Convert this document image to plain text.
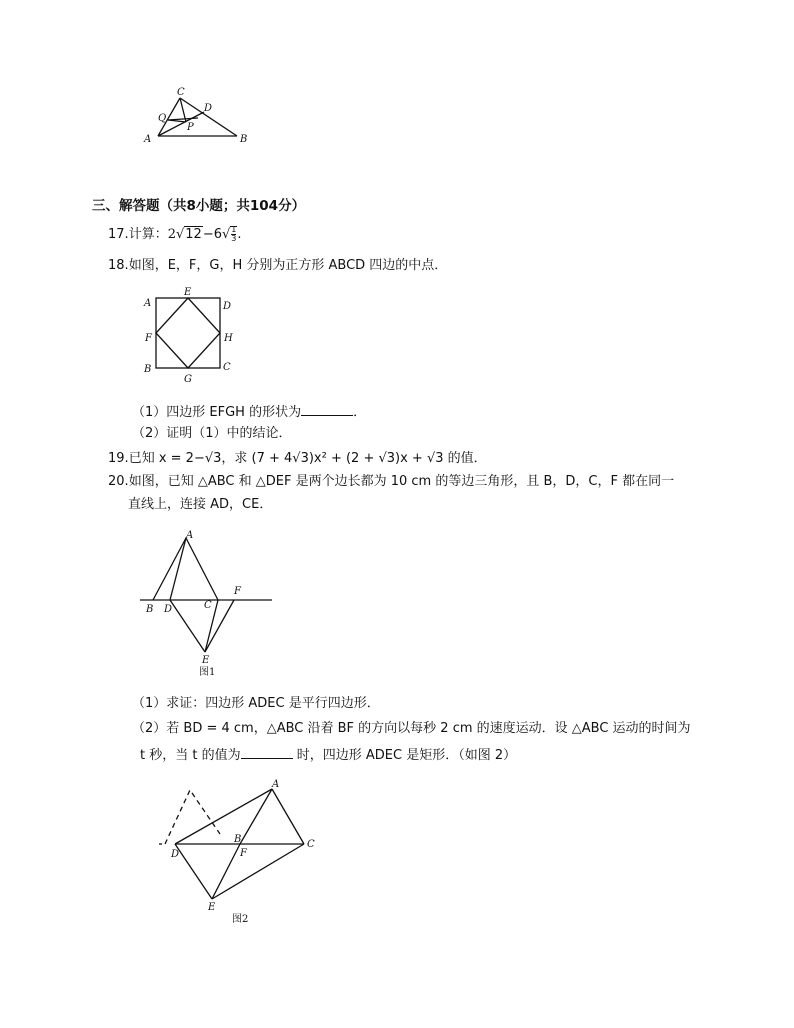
C
D
Q
P
A	B
三、解答题（共8小题；共104分）
17.计算：$2√12-6√ \frac{1}{3}$ .
18.如图，E，F，G，H 分别为正方形 ABCD 四边的中点．
A
E
D
F	H
B	C
G
（1）四边形 EFGH 的形状为	．
（2）证明（1）中的结论．
19.已知 x = 2−√3，求 (7 + 4√3)x² + (2 + √3)x + √3 的值．
20.如图，已知 △ABC 和 △DEF 是两个边长都为 10 cm 的等边三角形，且 B，D，C，F 都在同一
直线上，连接 AD，CE．
A
B D	C
F
E
图1
（1）求证：四边形 ADEC 是平行四边形．
（2）若 BD = 4 cm，△ABC 沿着 BF 的方向以每秒 2 cm 的速度运动．设 △ABC 运动的时间为
t 秒，当 t 的值为	时，四边形 ADEC 是矩形．（如图 2）
A
B
F
C
D
E
图2
